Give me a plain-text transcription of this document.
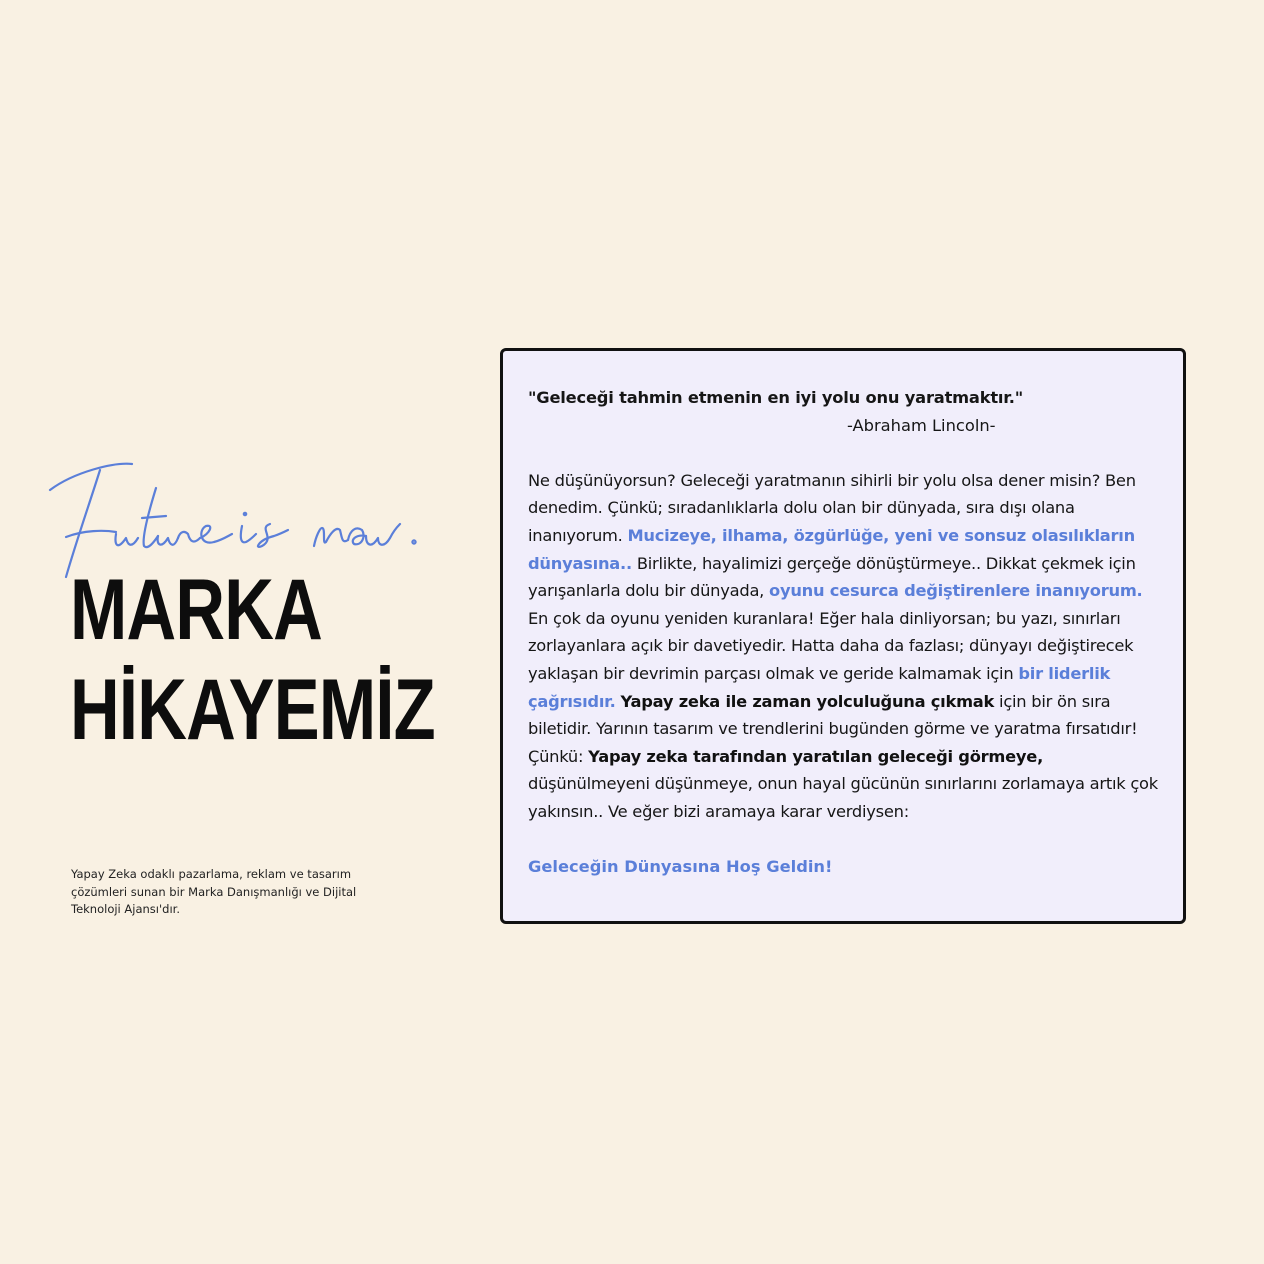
MARKA
HİKAYEMİZ

Yapay Zeka odaklı pazarlama, reklam ve tasarım çözümleri sunan bir Marka Danışmanlığı ve Dijital Teknoloji Ajansı'dır.

"Geleceği tahmin etmenin en iyi yolu onu yaratmaktır."

-Abraham Lincoln-

Ne düşünüyorsun? Geleceği yaratmanın sihirli bir yolu olsa dener misin? Ben denedim. Çünkü; sıradanlıklarla dolu olan bir dünyada, sıra dışı olana inanıyorum. Mucizeye, ilhama, özgürlüğe, yeni ve sonsuz olasılıkların dünyasına.. Birlikte, hayalimizi gerçeğe dönüştürmeye.. Dikkat çekmek için yarışanlarla dolu bir dünyada, oyunu cesurca değiştirenlere inanıyorum. En çok da oyunu yeniden kuranlara! Eğer hala dinliyorsan; bu yazı, sınırları zorlayanlara açık bir davetiyedir. Hatta daha da fazlası; dünyayı değiştirecek yaklaşan bir devrimin parçası olmak ve geride kalmamak için bir liderlik çağrısıdır. Yapay zeka ile zaman yolculuğuna çıkmak için bir ön sıra biletidir. Yarının tasarım ve trendlerini bugünden görme ve yaratma fırsatıdır! Çünkü: Yapay zeka tarafından yaratılan geleceği görmeye, düşünülmeyeni düşünmeye, onun hayal gücünün sınırlarını zorlamaya artık çok yakınsın.. Ve eğer bizi aramaya karar verdiysen:

Geleceğin Dünyasına Hoş Geldin!
